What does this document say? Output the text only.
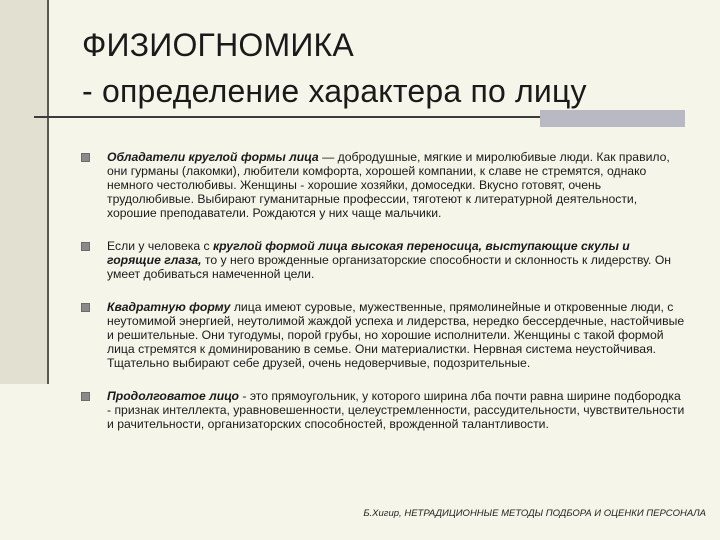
ФИЗИОГНОМИКА
- определение характера по лицу

Обладатели круглой формы лица — добродушные, мягкие и миролюбивые люди. Как правило, они гурманы (лакомки), любители комфорта, хорошей компании, к славе не стремятся, однако немного честолюбивы. Женщины - хорошие хозяйки, домоседки. Вкусно готовят, очень трудолюбивые. Выбирают гуманитарные профессии, тяготеют к литературной деятельности, хорошие преподаватели. Рождаются у них чаще мальчики.

Если у человека с круглой формой лица высокая переносица, выступающие скулы и горящие глаза, то у него врожденные организаторские способности и склонность к лидерству. Он умеет добиваться намеченной цели.

Квадратную форму лица имеют суровые, мужественные, прямолинейные и откровенные люди, с неутомимой энергией, неутолимой жаждой успеха и лидерства, нередко бессердечные, настойчивые и решительные. Они тугодумы, порой грубы, но хорошие исполнители. Женщины с такой формой лица стремятся к доминированию в семье. Они материалистки. Нервная система неустойчивая. Тщательно выбирают себе друзей, очень недоверчивые, подозрительные.

Продолговатое лицо - это прямоугольник, у которого ширина лба почти равна ширине подбородка - признак интеллекта, уравновешенности, целеустремленности, рассудительности, чувствительности и рачительности, организаторских способностей, врожденной талантливости.

Б.Хигир, НЕТРАДИЦИОННЫЕ МЕТОДЫ ПОДБОРА И ОЦЕНКИ ПЕРСОНАЛА
